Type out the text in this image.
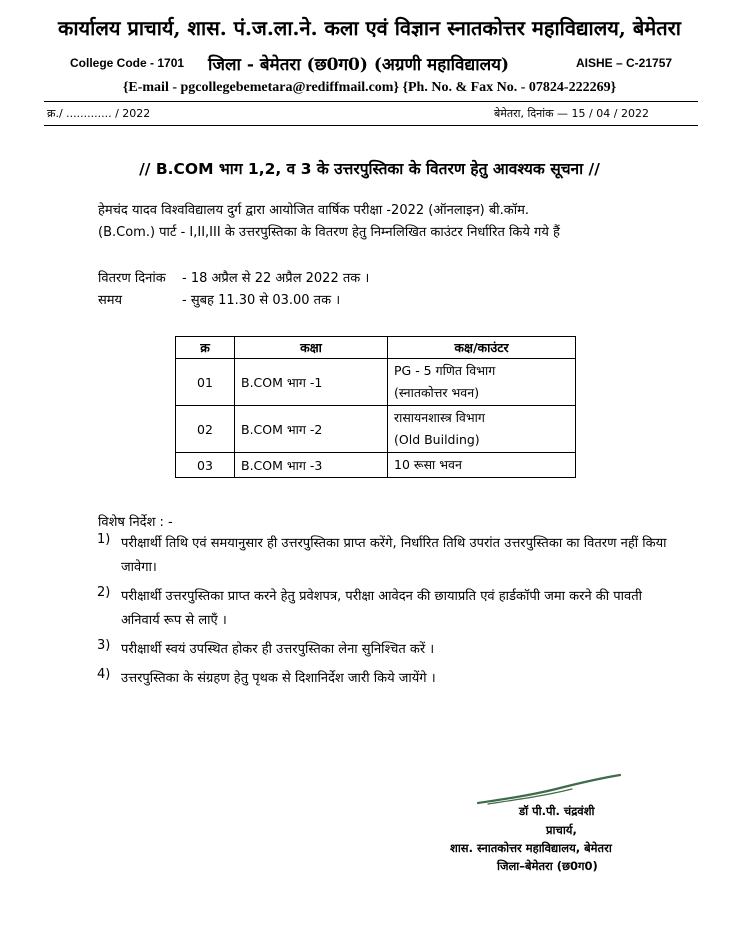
कार्यालय प्राचार्य, शास. पं.ज.ला.ने. कला एवं विज्ञान स्नातकोत्तर महाविद्यालय, बेमेतरा
College Code - 1701 जिला - बेमेतरा (छ0ग0) (अग्रणी महाविद्यालय)	AISHE – C-21757
{E-mail - pgcollegebemetara@rediffmail.com} {Ph. No. & Fax No. - 07824-222269}
क्र./ ............. / 2022	बेमेतरा, दिनांक — 15 / 04 / 2022
// B.COM भाग 1,2, व 3 के उत्तरपुस्तिका के वितरण हेतु आवश्यक सूचना //
हेमचंद यादव विश्वविद्यालय दुर्ग द्वारा आयोजित वार्षिक परीक्षा -2022 (ऑनलाइन) बी.कॉम.
(B.Com.) पार्ट - I,II,III के उत्तरपुस्तिका के वितरण हेतु निम्नलिखित काउंटर निर्धारित किये गये हैं
वितरण दिनांक	- 18 अप्रैल से 22 अप्रैल 2022 तक ।
समय	- सुबह 11.30 से 03.00 तक ।
क्र	कक्षा	कक्ष/काउंटर
01	B.COM भाग -1	PG - 5 गणित विभाग
(स्नातकोत्तर भवन)

02	B.COM भाग -2	रासायनशास्त्र विभाग
(Old Building)

03	B.COM भाग -3	10 रूसा भवन
विशेष निर्देश : -
1) परीक्षार्थी तिथि एवं समयानुसार ही उत्तरपुस्तिका प्राप्त करेंगे, निर्धारित तिथि उपरांत उत्तरपुस्तिका का वितरण नहीं किया जावेगा।
2) परीक्षार्थी उत्तरपुस्तिका प्राप्त करने हेतु प्रवेशपत्र, परीक्षा आवेदन की छायाप्रति एवं हार्डकॉपी जमा करने की पावती अनिवार्य रूप से लाएँ ।
3) परीक्षार्थी स्वयं उपस्थित होकर ही उत्तरपुस्तिका लेना सुनिश्चित करें ।
4) उत्तरपुस्तिका के संग्रहण हेतु पृथक से दिशानिर्देश जारी किये जायेंगे ।
डॉ पी.पी. चंद्रवंशी
प्राचार्य,
शास. स्नातकोत्तर महाविद्यालय, बेमेतरा
जिला–बेमेतरा (छ0ग0)
